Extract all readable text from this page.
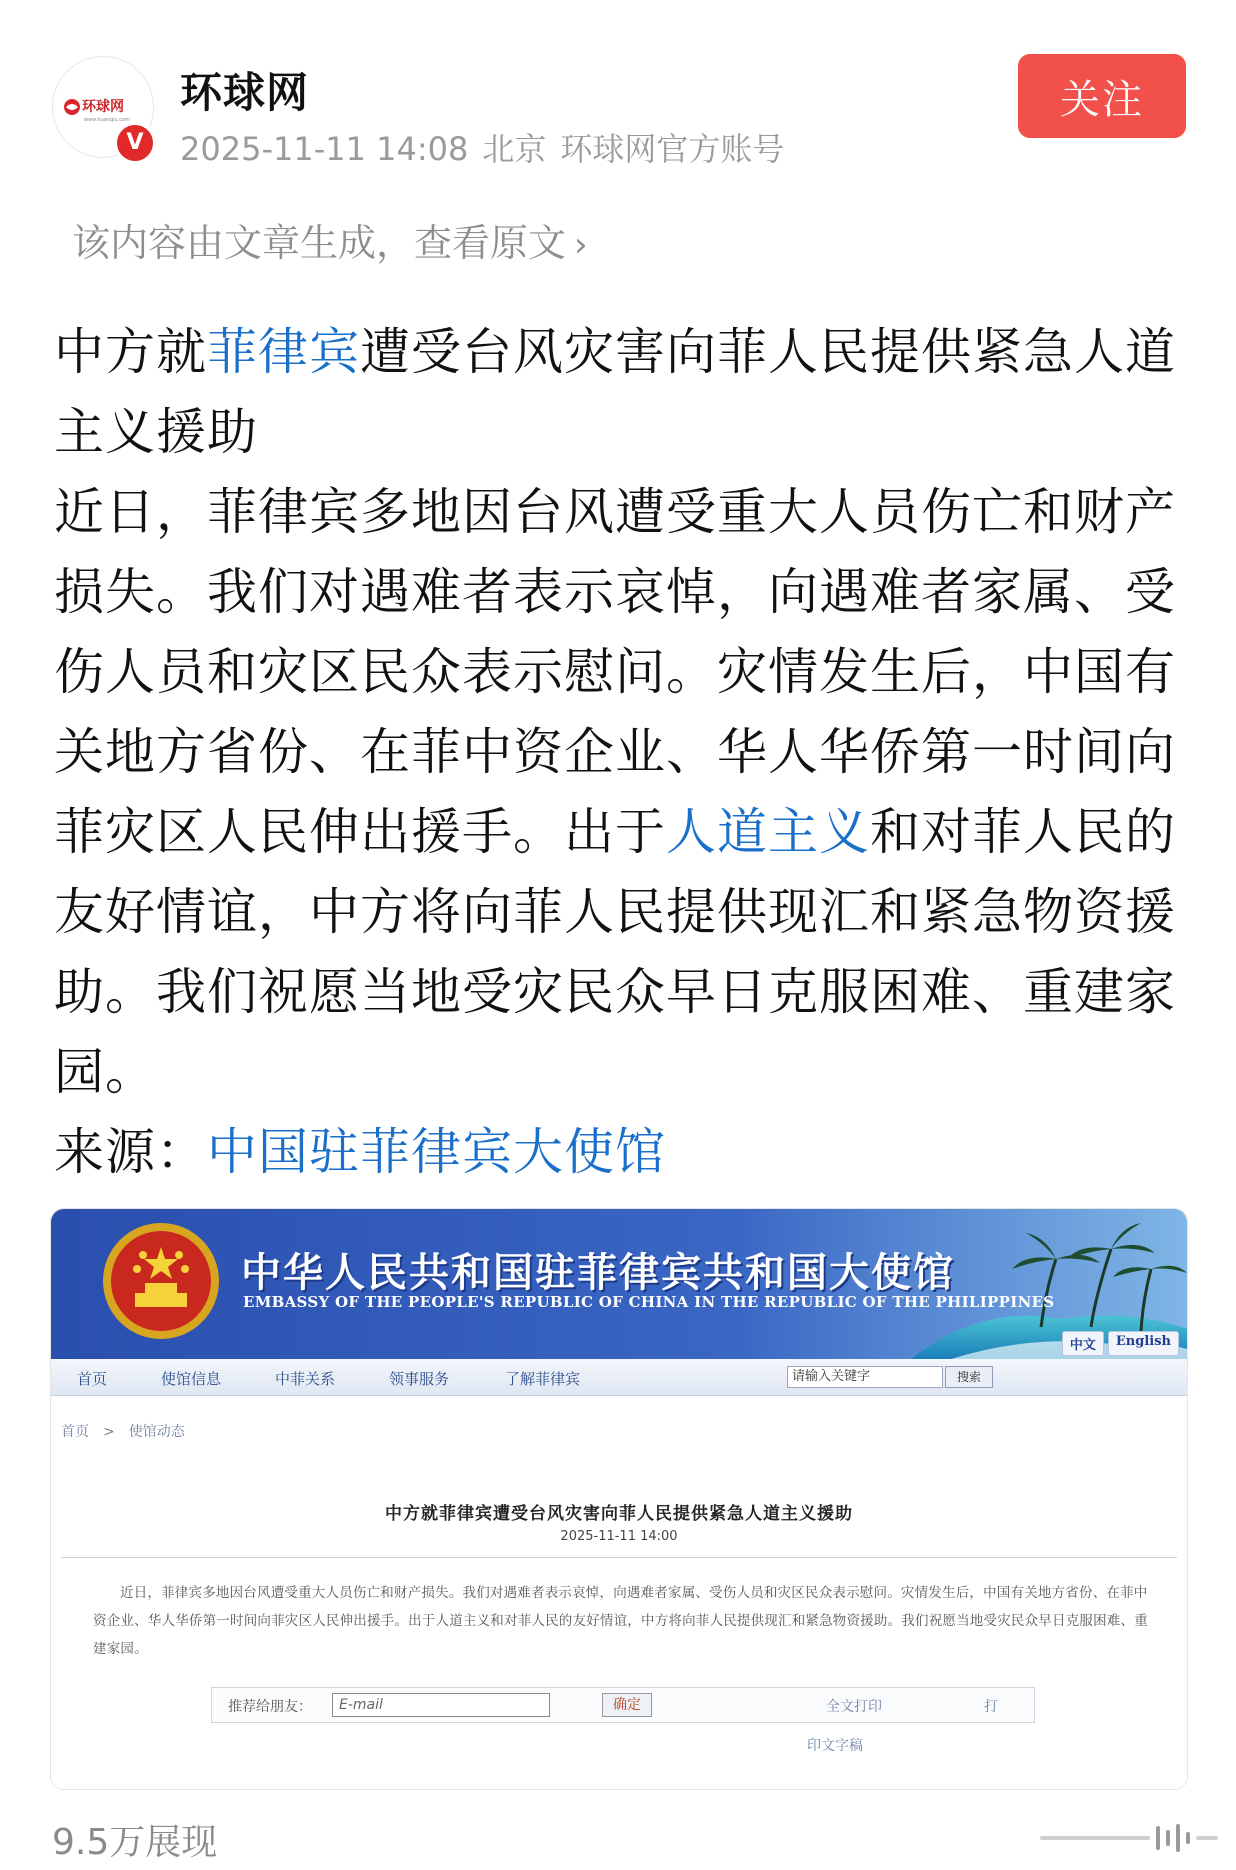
环球网
www.huanqiu.com
V
环球网
2025-11-11 14:08 北京 环球网官方账号
关注
该内容由文章生成，查看原文 ›

中方就菲律宾遭受台风灾害向菲人民提供紧急人道主义援助

近日，菲律宾多地因台风遭受重大人员伤亡和财产损失。我们对遇难者表示哀悼，向遇难者家属、受伤人员和灾区民众表示慰问。灾情发生后，中国有关地方省份、在菲中资企业、华人华侨第一时间向菲灾区人民伸出援手。出于人道主义和对菲人民的友好情谊，中方将向菲人民提供现汇和紧急物资援助。我们祝愿当地受灾民众早日克服困难、重建家园。

来源：中国驻菲律宾大使馆

中华人民共和国驻菲律宾共和国大使馆
EMBASSY OF THE PEOPLE'S REPUBLIC OF CHINA IN THE REPUBLIC OF THE PHILIPPINES
中文	English
首页	使馆信息	中菲关系	领事服务	了解菲律宾	请输入关键字	搜索
首页 > 使馆动态
中方就菲律宾遭受台风灾害向菲人民提供紧急人道主义援助
2025-11-11 14:00
近日，菲律宾多地因台风遭受重大人员伤亡和财产损失。我们对遇难者表示哀悼，向遇难者家属、受伤人员和灾区民众表示慰问。灾情发生后，中国有关地方省份、在菲中资企业、华人华侨第一时间向菲灾区人民伸出援手。出于人道主义和对菲人民的友好情谊，中方将向菲人民提供现汇和紧急物资援助。我们祝愿当地受灾民众早日克服困难、重建家园。
推荐给朋友：	E-mail	确定	全文打印	打
印文字稿
9.5万展现
